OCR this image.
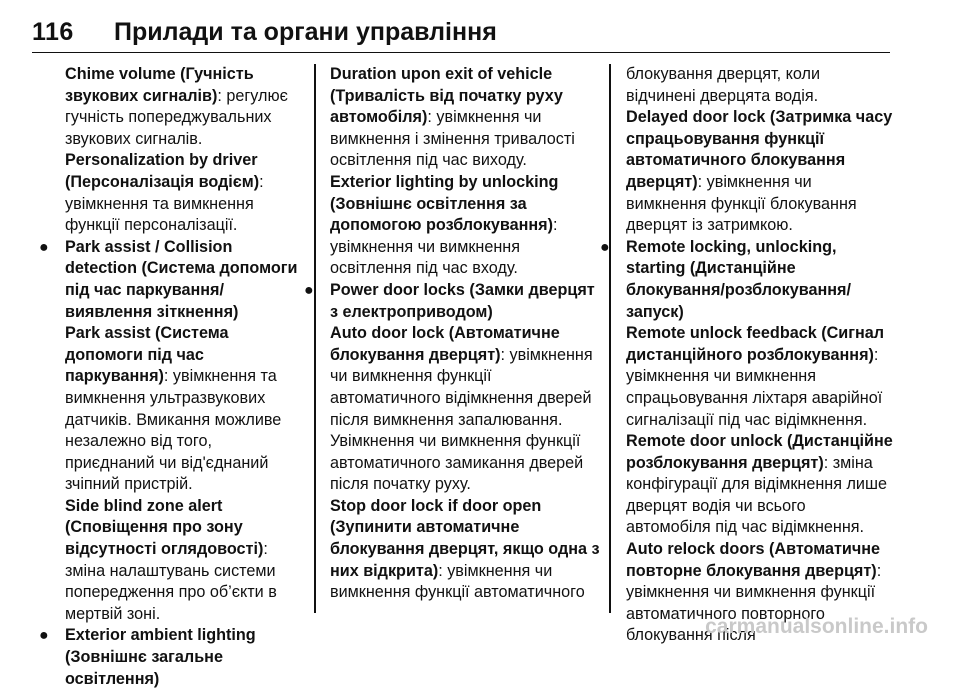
116	Прилади та органи управління

Chime volume (Гучність звукових сигналів): регулює гучність попереджувальних звукових сигналів.

Personalization by driver (Персоналізація водієм): увімкнення та вимкнення функції персоналізації.

● Park assist / Collision detection (Система допомоги під час паркування/виявлення зіткнення)

Park assist (Система допомоги під час паркування): увімкнення та вимкнення ультразвукових датчиків. Вмикання можливе незалежно від того, приєднаний чи від'єднаний зчіпний пристрій.

Side blind zone alert (Сповіщення про зону відсутності оглядовості): зміна налаштувань системи попередження про об’єкти в мертвій зоні.

● Exterior ambient lighting (Зовнішнє загальне освітлення)

Duration upon exit of vehicle (Тривалість від початку руху автомобіля): увімкнення чи вимкнення і змінення тривалості освітлення під час виходу.

Exterior lighting by unlocking (Зовнішнє освітлення за допомогою розблокування): увімкнення чи вимкнення освітлення під час входу.

● Power door locks (Замки дверцят з електроприводом)

Auto door lock (Автоматичне блокування дверцят): увімкнення чи вимкнення функції автоматичного відімкнення дверей після вимкнення запалювання. Увімкнення чи вимкнення функції автоматичного замикання дверей після початку руху.

Stop door lock if door open (Зупинити автоматичне блокування дверцят, якщо одна з них відкрита): увімкнення чи вимкнення функції автоматичного

блокування дверцят, коли відчинені дверцята водія.

Delayed door lock (Затримка часу спрацьовування функції автоматичного блокування дверцят): увімкнення чи вимкнення функції блокування дверцят із затримкою.

● Remote locking, unlocking, starting (Дистанційне блокування/розблокування/запуск)

Remote unlock feedback (Сигнал дистанційного розблокування): увімкнення чи вимкнення спрацьовування ліхтаря аварійної сигналізації під час відімкнення.

Remote door unlock (Дистанційне розблокування дверцят): зміна конфігурації для відімкнення лише дверцят водія чи всього автомобіля під час відімкнення.

Auto relock doors (Автоматичне повторне блокування дверцят): увімкнення чи вимкнення функції автоматичного повторного блокування після

carmanualsonline.info
